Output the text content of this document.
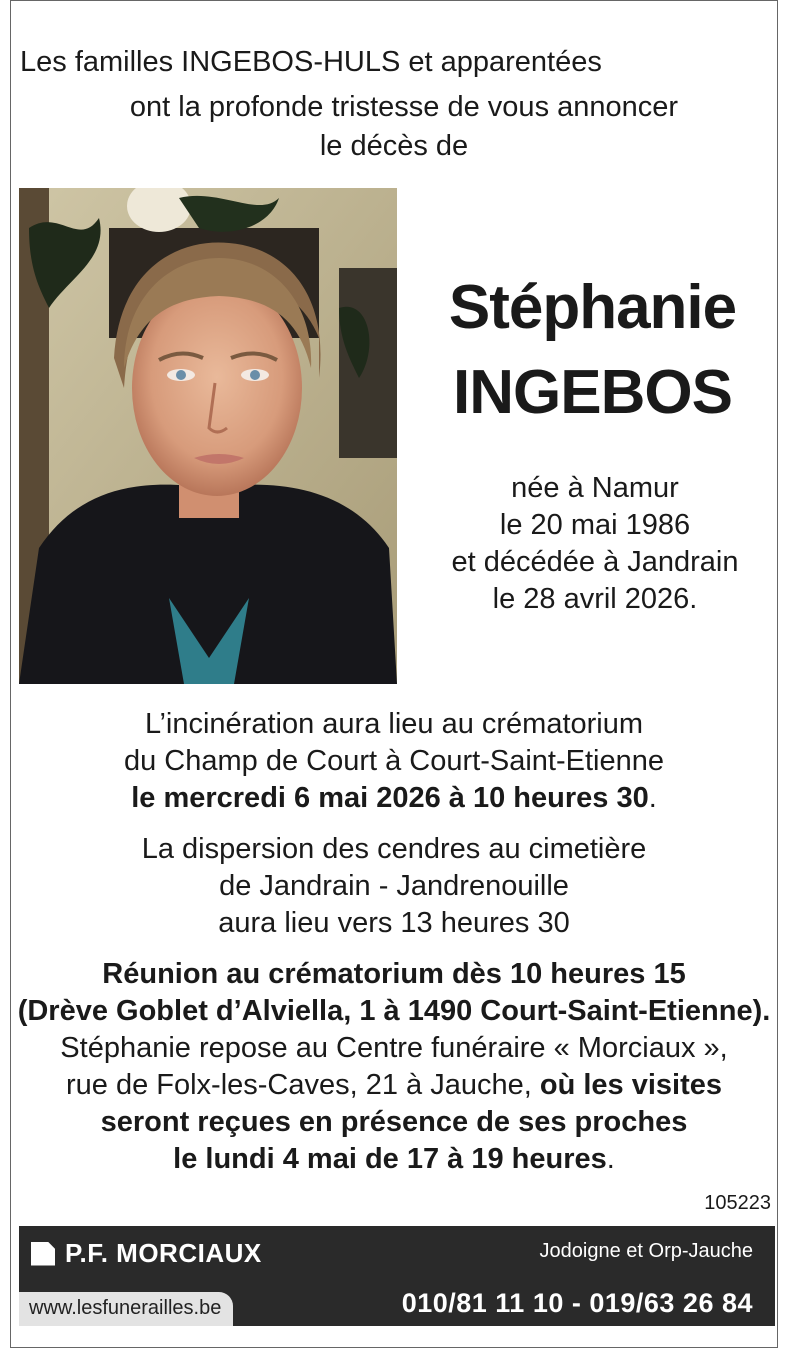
Les familles INGEBOS-HULS et apparentées
ont la profonde tristesse de vous annoncer
le décès de
Stéphanie
INGEBOS
née à Namur
le 20 mai 1986
et décédée à Jandrain
le 28 avril 2026.

L’incinération aura lieu au crématorium

du Champ de Court à Court-Saint-Etienne

le mercredi 6 mai 2026 à 10 heures 30.

La dispersion des cendres au cimetière

de Jandrain - Jandrenouille

aura lieu vers 13 heures 30

Réunion au crématorium dès 10 heures 15

(Drève Goblet d’Alviella, 1 à 1490 Court-Saint-Etienne).

Stéphanie repose au Centre funéraire « Morciaux »,

rue de Folx-les-Caves, 21 à Jauche, où les visites

seront reçues en présence de ses proches

le lundi 4 mai de 17 à 19 heures.

105223
P.F. MORCIAUX	Jodoigne et Orp-Jauche
www.lesfunerailles.be	010/81 11 10 - 019/63 26 84
